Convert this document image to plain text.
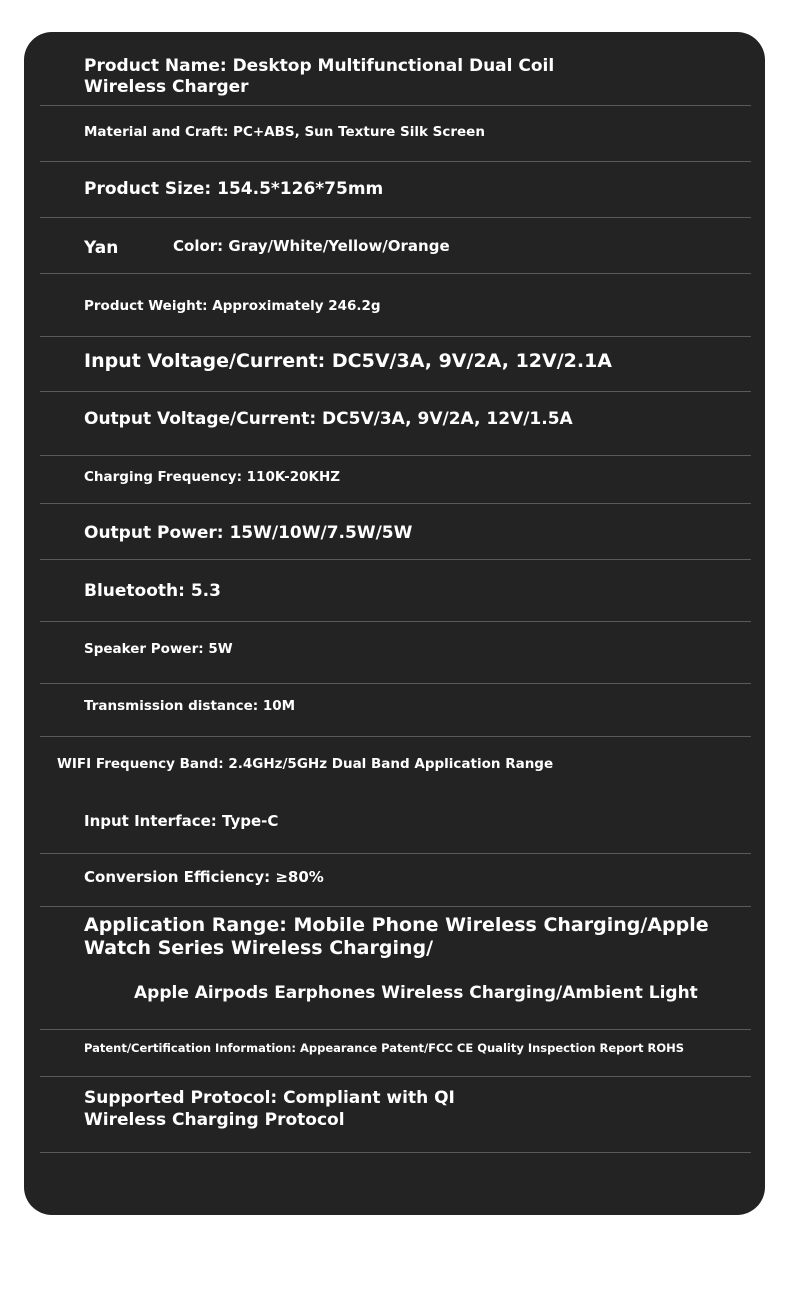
Product Name: Desktop Multifunctional Dual Coil
Wireless Charger
Material and Craft: PC+ABS, Sun Texture Silk Screen
Product Size: 154.5*126*75mm
Yan	Color: Gray/White/Yellow/Orange
Product Weight: Approximately 246.2g
Input Voltage/Current: DC5V/3A, 9V/2A, 12V/2.1A
Output Voltage/Current: DC5V/3A, 9V/2A, 12V/1.5A
Charging Frequency: 110K-20KHZ
Output Power: 15W/10W/7.5W/5W
Bluetooth: 5.3
Speaker Power: 5W
Transmission distance: 10M
WIFI Frequency Band: 2.4GHz/5GHz Dual Band Application Range
Input Interface: Type-C
Conversion Efficiency: ≥80%
Application Range: Mobile Phone Wireless Charging/Apple
Watch Series Wireless Charging/
Apple Airpods Earphones Wireless Charging/Ambient Light
Patent/Certification Information: Appearance Patent/FCC CE Quality Inspection Report ROHS
Supported Protocol: Compliant with QI
Wireless Charging Protocol
